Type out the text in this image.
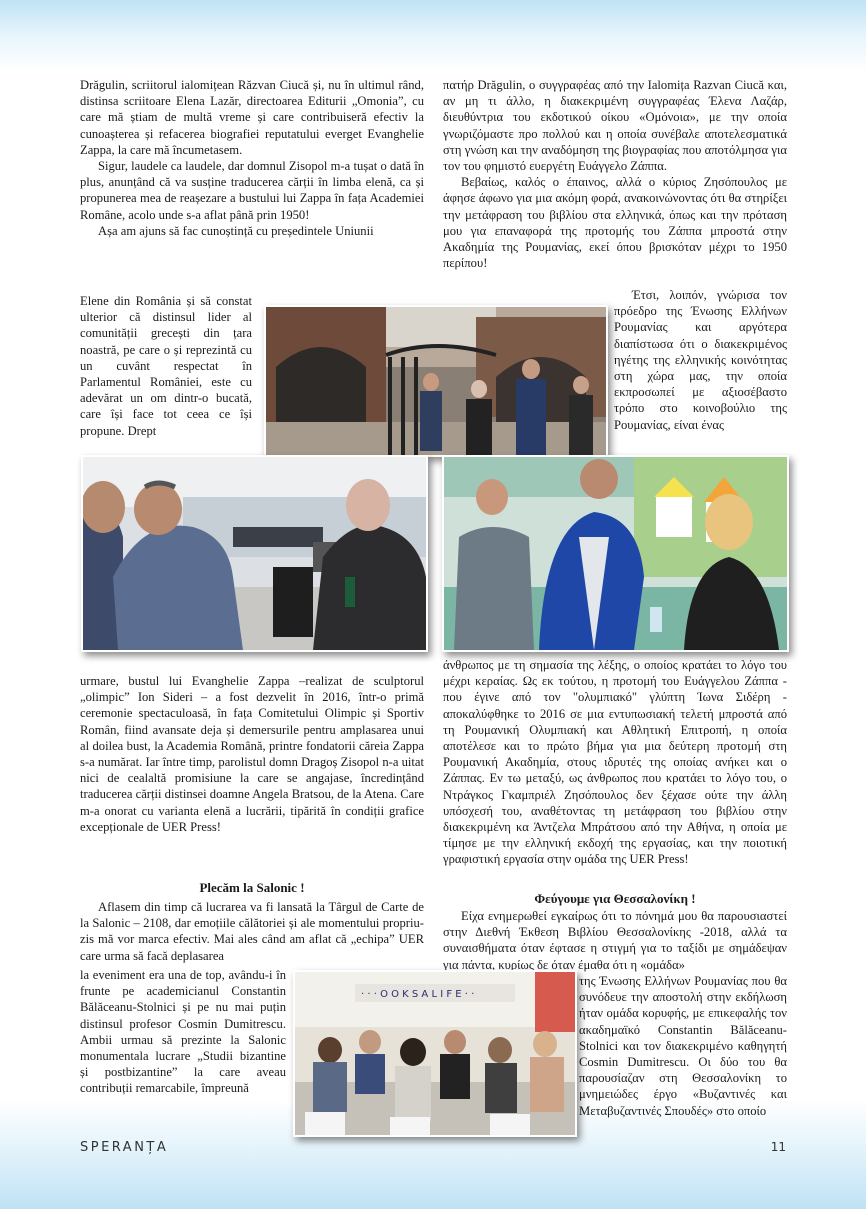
Drăgulin, scriitorul ialomițean Răzvan Ciucă și, nu în ultimul rând, distinsa scriitoare Elena Lazăr, directoarea Editurii „Omonia”, cu care mă știam de multă vreme și care contribuiseră efectiv la cunoașterea și refacerea biografiei reputatului everget Evanghelie Zappa, la care mă încumetasem.

Sigur, laudele ca laudele, dar domnul Zisopol m-a tușat o dată în plus, anunțând că va susține traducerea cărții în limba elenă, ca și propunerea mea de reașezare a bustului lui Zappa în fața Academiei Române, acolo unde s-a aflat până prin 1950!

Așa am ajuns să fac cunoștință cu președintele Uniunii

Elene din România și să constat ulterior că distinsul lider al comunității grecești din țara noastră, pe care o și reprezintă cu un cuvânt respectat în Parlamentul României, este cu adevărat un om dintr-o bucată, care își face tot ceea ce își propune. Drept

urmare, bustul lui Evanghelie Zappa –realizat de sculptorul „olimpic” Ion Sideri – a fost dezvelit în 2016, într-o primă ceremonie spectaculoasă, în fața Comitetului Olimpic și Sportiv Român, fiind avansate deja și demersurile pentru amplasarea unui al doilea bust, la Academia Română, printre fondatorii căreia Zappa s-a numărat. Iar între timp, parolistul domn Dragoș Zisopol n-a uitat nici de cealaltă promisiune la care se angajase, încredințând traducerea cărții distinsei doamne Angela Bratsou, de la Atena. Care m-a onorat cu varianta elenă a lucrării, tipărită în condiții grafice excepționale de UER Press!

Plecăm la Salonic !

Aflasem din timp că lucrarea va fi lansată la Târgul de Carte de la Salonic – 2108, dar emoțiile călătoriei și ale momentului propriu-zis mă vor marca efectiv. Mai ales când am aflat că „echipa” UER care urma să facă deplasarea

la eveniment era una de top, avându-i în frunte pe academicianul Constantin Bălăceanu-Stolnici și pe nu mai puțin distinsul profesor Cosmin Dumitrescu. Ambii urmau să prezinte la Salonic monumentala lucrare „Studii bizantine și postbizantine” la care aveau contribuții remarcabile, împreună

πατήρ Drăgulin, ο συγγραφέας από την Ialomița Razvan Ciucă και, αν μη τι άλλο, η διακεκριμένη συγγραφέας Έλενα Λαζάρ, διευθύντρια του εκδοτικού οίκου «Ομόνοια», με την οποία γνωριζόμαστε προ πολλού και η οποία συνέβαλε αποτελεσματικά στη γνώση και την αναδόμηση της βιογραφίας που αποτόλμησα για τον του φημιστό ευεργέτη Ευάγγελο Ζάππα.

Βεβαίως, καλός ο έπαινος, αλλά ο κύριος Ζησόπουλος με άφησε άφωνο για μια ακόμη φορά, ανακοινώνοντας ότι θα στηρίξει την μετάφραση του βιβλίου στα ελληνικά, όπως και την πρόταση μου για επαναφορά της προτομής του Ζάππα μπροστά στην Ακαδημία της Ρουμανίας, εκεί όπου βρισκόταν μέχρι το 1950 περίπου!

Έτσι, λοιπόν, γνώρισα τον πρόεδρο της Ένωσης Ελλήνων Ρουμανίας και αργότερα διαπίστωσα ότι ο διακεκριμένος ηγέτης της ελληνικής κοινότητας στη χώρα μας, την οποία εκπροσωπεί με αξιοσέβαστο τρόπο στο κοινοβούλιο της Ρουμανίας, είναι ένας

άνθρωπος με τη σημασία της λέξης, ο οποίος κρατάει το λόγο του μέχρι κεραίας. Ως εκ τούτου, η προτομή του Ευάγγελου Ζάππα - που έγινε από τον "ολυμπιακό" γλύπτη Ίωνα Σιδέρη - αποκαλύφθηκε το 2016 σε μια εντυπωσιακή τελετή μπροστά από τη Ρουμανική Ολυμπιακή και Αθλητική Επιτροπή, η οποία αποτέλεσε και το πρώτο βήμα για μια δεύτερη προτομή στη Ρουμανική Ακαδημία, στους ιδρυτές της οποίας ανήκει και ο Ζάππας. Εν τω μεταξύ, ως άνθρωπος που κρατάει το λόγο του, ο Ντράγκος Γκαμπριέλ Ζησόπουλος δεν ξέχασε ούτε την άλλη υπόσχεσή του, αναθέτοντας τη μετάφραση του βιβλίου στην διακεκριμένη κα Άντζελα Μπράτσου από την Αθήνα, η οποία με τίμησε με την ελληνική εκδοχή της εργασίας, και την ποιοτική γραφιστική εργασία στην ομάδα της UER Press!

Φεύγουμε για Θεσσαλονίκη !

Είχα ενημερωθεί εγκαίρως ότι το πόνημά μου θα παρουσιαστεί στην Διεθνή Έκθεση Βιβλίου Θεσσαλονίκης -2018, αλλά τα συναισθήματα όταν έφτασε η στιγμή για το ταξίδι με σημάδεψαν για πάντα, κυρίως δε όταν έμαθα ότι η «ομάδα»

της Ένωσης Ελλήνων Ρουμανίας που θα συνόδευε την αποστολή στην εκδήλωση ήταν ομάδα κορυφής, με επικεφαλής τον ακαδημαϊκό Constantin Bălăceanu-Stolnici και τον διακεκριμένο καθηγητή Cosmin Dumitrescu. Οι δύο του θα παρουσίαζαν στη Θεσσαλονίκη το μνημειώδες έργο «Βυζαντινές και Μεταβυζαντινές Σπουδές» στο οποίο

· · · O O K S A L I F E · ·
SPERANȚA	11
